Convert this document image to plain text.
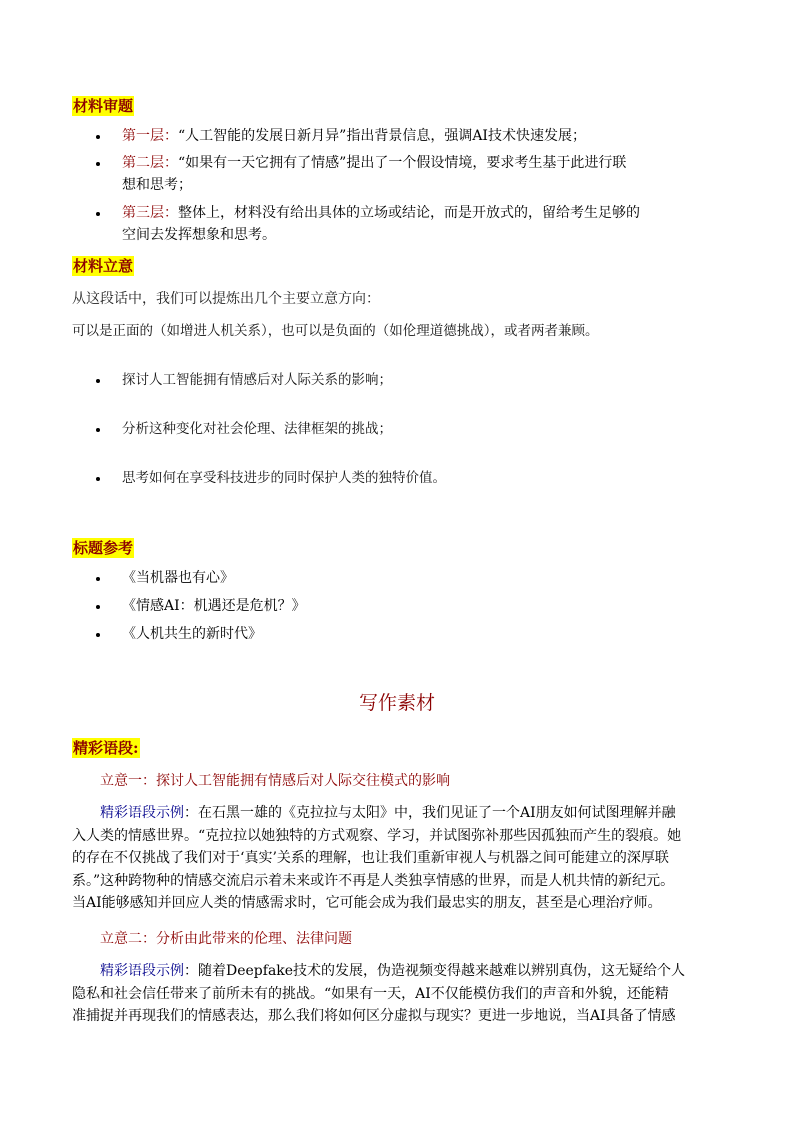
材料审题
第一层：“人工智能的发展日新月异”指出背景信息，强调AI技术快速发展；
第二层：“如果有一天它拥有了情感”提出了一个假设情境，要求考生基于此进行联
想和思考；
第三层：整体上，材料没有给出具体的立场或结论，而是开放式的，留给考生足够的
空间去发挥想象和思考。
材料立意
从这段话中，我们可以提炼出几个主要立意方向：
可以是正面的（如增进人机关系），也可以是负面的（如伦理道德挑战），或者两者兼顾。
探讨人工智能拥有情感后对人际关系的影响；
分析这种变化对社会伦理、法律框架的挑战；
思考如何在享受科技进步的同时保护人类的独特价值。
标题参考
《当机器也有心》
《情感AI：机遇还是危机？》
《人机共生的新时代》
写作素材
精彩语段:
立意一：探讨人工智能拥有情感后对人际交往模式的影响
精彩语段示例：在石黑一雄的《克拉拉与太阳》中，我们见证了一个AI朋友如何试图理解并融
入人类的情感世界。“克拉拉以她独特的方式观察、学习，并试图弥补那些因孤独而产生的裂痕。她
的存在不仅挑战了我们对于‘真实’关系的理解，也让我们重新审视人与机器之间可能建立的深厚联
系。”这种跨物种的情感交流启示着未来或许不再是人类独享情感的世界，而是人机共情的新纪元。
当AI能够感知并回应人类的情感需求时，它可能会成为我们最忠实的朋友，甚至是心理治疗师。
立意二：分析由此带来的伦理、法律问题
精彩语段示例：随着Deepfake技术的发展，伪造视频变得越来越难以辨别真伪，这无疑给个人
隐私和社会信任带来了前所未有的挑战。“如果有一天，AI不仅能模仿我们的声音和外貌，还能精
准捕捉并再现我们的情感表达，那么我们将如何区分虚拟与现实？更进一步地说，当AI具备了情感
